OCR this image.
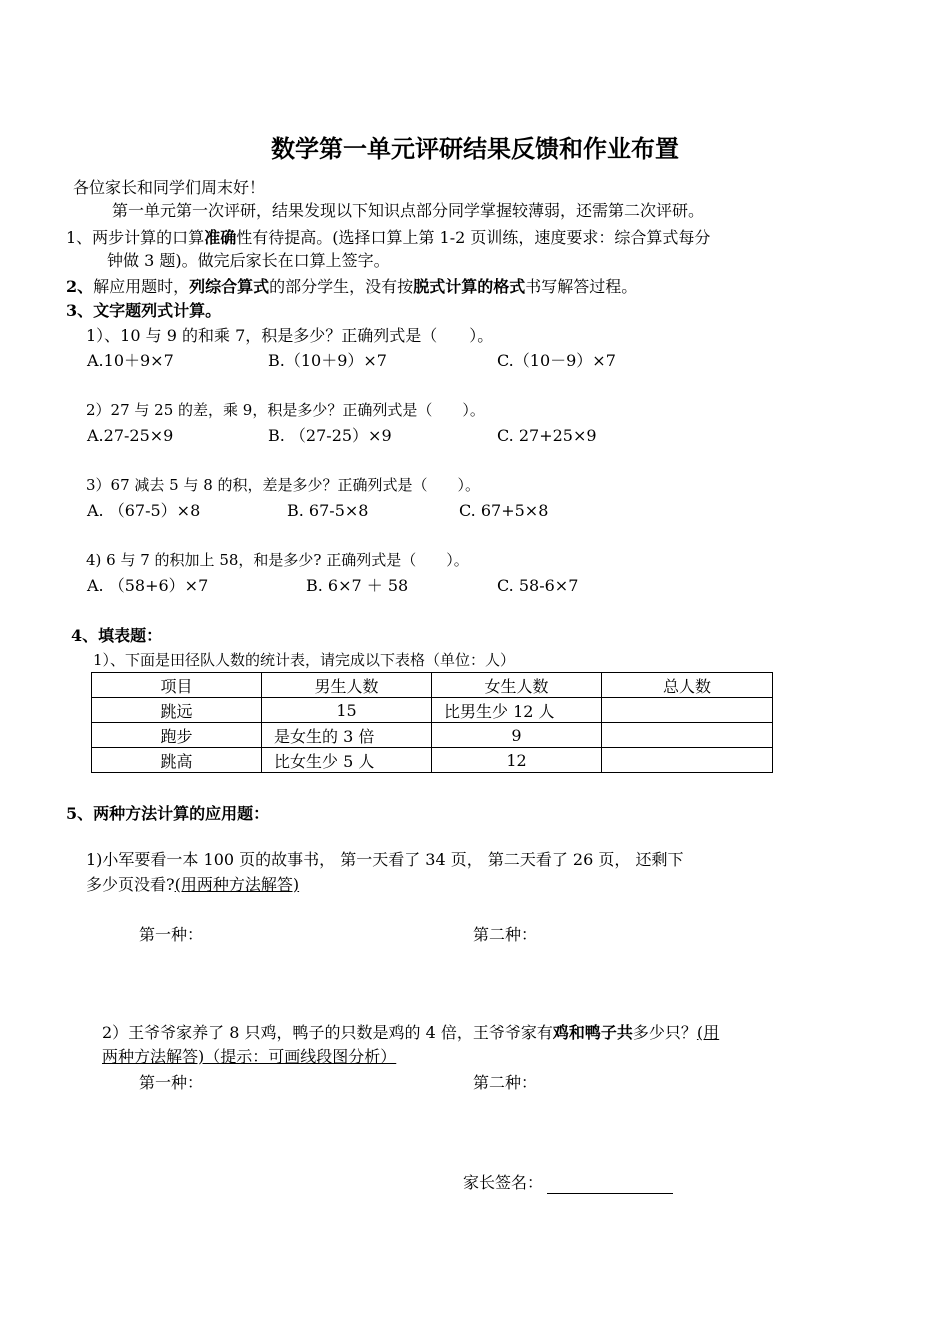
数学第一单元评研结果反馈和作业布置
各位家长和同学们周末好！
第一单元第一次评研，结果发现以下知识点部分同学掌握较薄弱，还需第二次评研。
1、两步计算的口算准确性有待提高。(选择口算上第 1-2 页训练，速度要求：综合算式每分
钟做 3 题)。做完后家长在口算上签字。
2、解应用题时，列综合算式的部分学生，没有按脱式计算的格式书写解答过程。
3、文字题列式计算。
1）、10 与 9 的和乘 7，积是多少？正确列式是（　　）。
A.10＋9×7	B.（10＋9）×7	C.（10－9）×7
2）27 与 25 的差，乘 9，积是多少？正确列式是（　　）。
A.27-25×9	B. （27-25）×9	C. 27+25×9
3）67 减去 5 与 8 的积，差是多少？正确列式是（　　）。
A. （67-5）×8	B. 67-5×8	C. 67+5×8
4) 6 与 7 的积加上 58，和是多少? 正确列式是（　　）。
A. （58+6）×7	B. 6×7 ＋ 58	C. 58-6×7
4、填表题：
1）、下面是田径队人数的统计表，请完成以下表格（单位：人）
项目	男生人数	女生人数	总人数
跳远	15	比男生少 12 人	
跑步	是女生的 3 倍	9	
跳高	比女生少 5 人	12	
5、两种方法计算的应用题：
1)小军要看一本 100 页的故事书， 第一天看了 34 页， 第二天看了 26 页， 还剩下
多少页没看?(用两种方法解答)
第一种：	第二种：
2）王爷爷家养了 8 只鸡，鸭子的只数是鸡的 4 倍，王爷爷家有鸡和鸭子共多少只？(用
两种方法解答)（提示：可画线段图分析）
第一种：	第二种：
家长签名：
